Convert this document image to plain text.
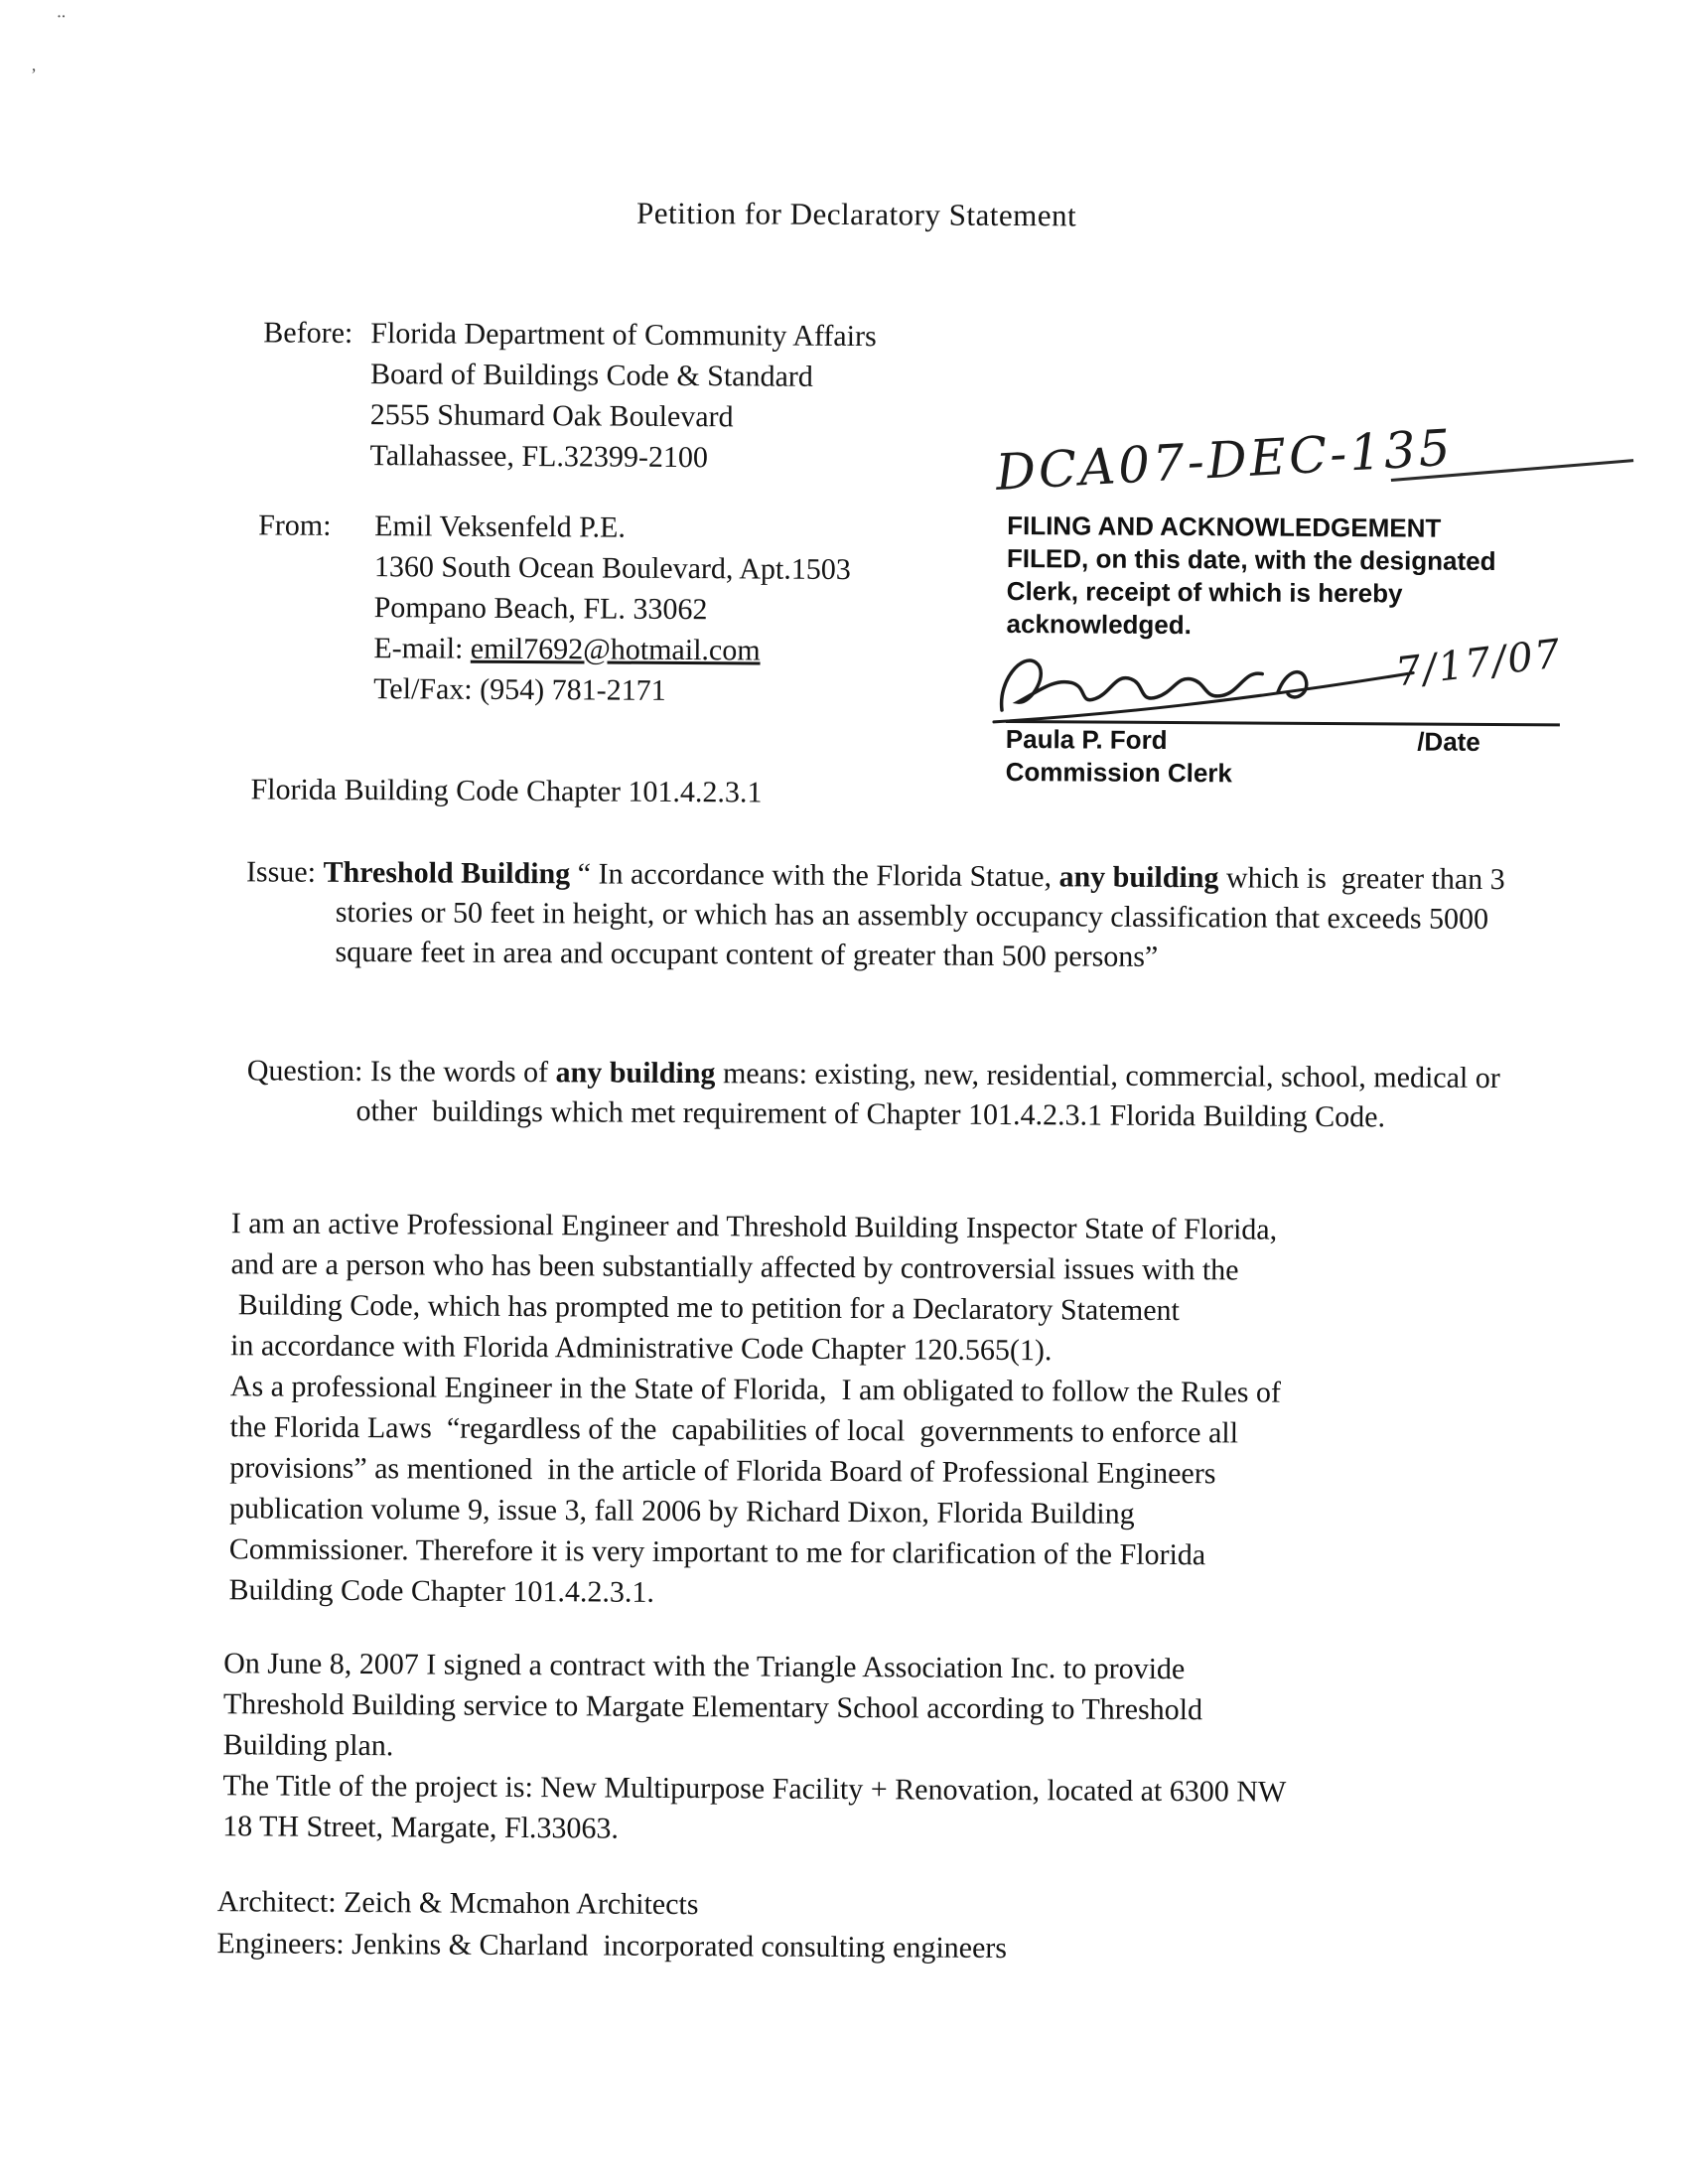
..
’
Petition for Declaratory Statement
Before: Florida Department of Community Affairs
Board of Buildings Code & Standard
2555 Shumard Oak Boulevard
Tallahassee, FL.32399-2100
From:	Emil Veksenfeld P.E.
1360 South Ocean Boulevard, Apt.1503
Pompano Beach, FL. 33062
E-mail: emil7692@hotmail.com
Tel/Fax: (954) 781-2171
DCA07-DEC-135
FILING AND ACKNOWLEDGEMENT
FILED, on this date, with the designated
Clerk, receipt of which is hereby
acknowledged.
7/17/07
Paula P. Ford	/Date
Commission Clerk
Florida Building Code Chapter 101.4.2.3.1
Issue: Threshold Building “ In accordance with the Florida Statue, any building which is  greater than 3 stories or 50 feet in height, or which has an assembly occupancy classification that exceeds 5000 square feet in area and occupant content of greater than 500 persons”
Question: Is the words of any building means: existing, new, residential, commercial, school, medical or other  buildings which met requirement of Chapter 101.4.2.3.1 Florida Building Code.
I am an active Professional Engineer and Threshold Building Inspector State of Florida,
and are a person who has been substantially affected by controversial issues with the
Building Code, which has prompted me to petition for a Declaratory Statement
in accordance with Florida Administrative Code Chapter 120.565(1).
As a professional Engineer in the State of Florida,  I am obligated to follow the Rules of
the Florida Laws  “regardless of the  capabilities of local  governments to enforce all
provisions” as mentioned  in the article of Florida Board of Professional Engineers
publication volume 9, issue 3, fall 2006 by Richard Dixon, Florida Building
Commissioner. Therefore it is very important to me for clarification of the Florida
Building Code Chapter 101.4.2.3.1.
On June 8, 2007 I signed a contract with the Triangle Association Inc. to provide
Threshold Building service to Margate Elementary School according to Threshold
Building plan.
The Title of the project is: New Multipurpose Facility + Renovation, located at 6300 NW
18 TH Street, Margate, Fl.33063.
Architect: Zeich & Mcmahon Architects
Engineers: Jenkins & Charland  incorporated consulting engineers
